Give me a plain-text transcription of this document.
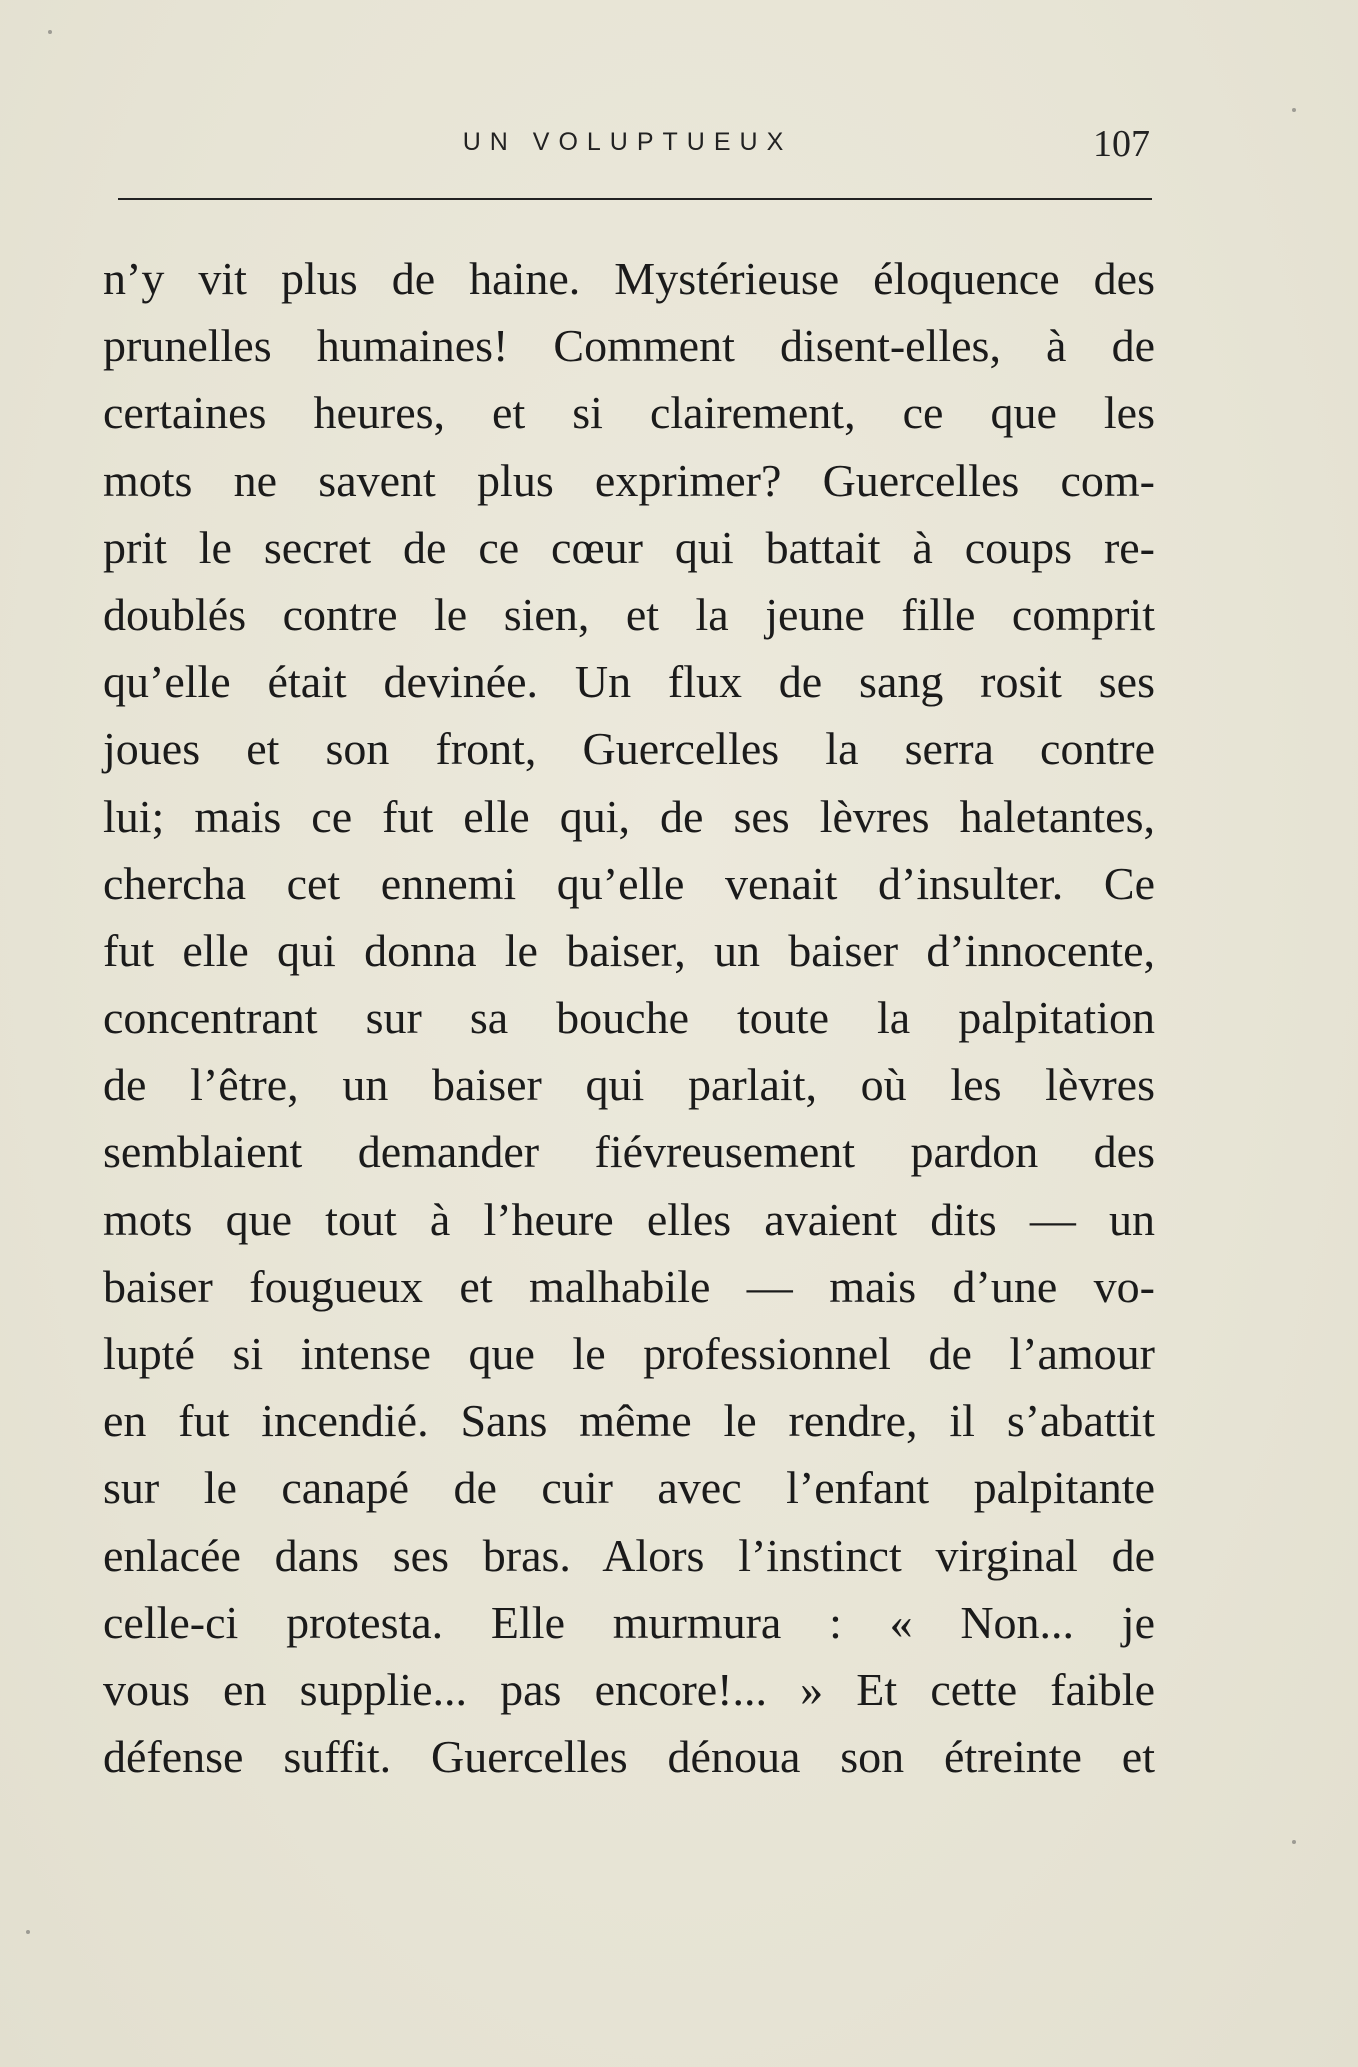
UN VOLUPTUEUX	107
n’y vit plus de haine. Mystérieuse éloquence des
prunelles humaines! Comment disent-elles, à de
certaines heures, et si clairement, ce que les
mots ne savent plus exprimer? Guercelles com-
prit le secret de ce cœur qui battait à coups re-
doublés contre le sien, et la jeune fille comprit
qu’elle était devinée. Un flux de sang rosit ses
joues et son front, Guercelles la serra contre
lui; mais ce fut elle qui, de ses lèvres haletantes,
chercha cet ennemi qu’elle venait d’insulter. Ce
fut elle qui donna le baiser, un baiser d’innocente,
concentrant sur sa bouche toute la palpitation
de l’être, un baiser qui parlait, où les lèvres
semblaient demander fiévreusement pardon des
mots que tout à l’heure elles avaient dits — un
baiser fougueux et malhabile — mais d’une vo-
lupté si intense que le professionnel de l’amour
en fut incendié. Sans même le rendre, il s’abattit
sur le canapé de cuir avec l’enfant palpitante
enlacée dans ses bras. Alors l’instinct virginal de
celle-ci protesta. Elle murmura : « Non... je
vous en supplie... pas encore!... » Et cette faible
défense suffit. Guercelles dénoua son étreinte et
